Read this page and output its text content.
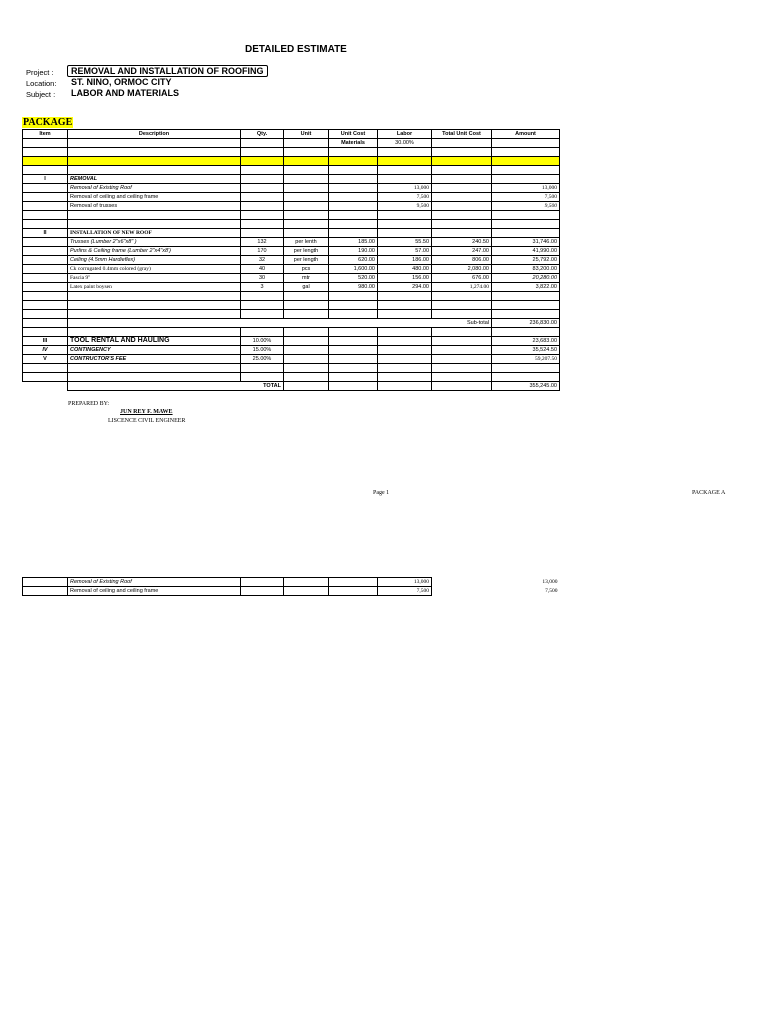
DETAILED ESTIMATE
Project :	REMOVAL AND INSTALLATION OF ROOFING
Location: ST. NINO, ORMOC CITY
Subject : LABOR AND MATERIALS
PACKAGE
Item	Description	Qty.	Unit	Unit Cost	Labor	Total Unit Cost	Amount
				Materials	30.00%		

I	REMOVAL						
	Removal of Existing Roof				13,000		13,000
	Removal of ceiling and ceiling frame				7,500		7,500
	Removal of trusses				9,500		9,500

II	INSTALLATION OF NEW ROOF						
	Trusses (Lumber 2"x6"x8" )	132	per lenth	185.00	55.50	240.50	31,746.00
	Purlins & Ceiling frame (Lumber 2"x4"x8')	170	per length	190.00	57.00	247.00	41,990.00
	Ceiling (4.5mm Hardieflex)	32	per length	620.00	186.00	806.00	25,792.00
	Ck corrugated 0.4mm colored (gray)	40	pcs	1,600.00	480.00	2,080.00	83,200.00
	Fascia 9"	30	mtr	520.00	156.00	676.00	20,280.00
	Latex paint boysen	3	gal	980.00	294.00	1,274.00	3,822.00

	Sub-total						236,830.00

III	TOOL RENTAL AND HAULING	10.00%					23,683.00
IV	CONTINGENCY	15.00%					35,524.50
V	CONTRUCTOR'S FEE	25.00%					59,207.50

	TOTAL						355,245.00
PREPARED BY:
JUN REY F. MAWE
LISCENCE CIVIL ENGINEER
Page 1	PACKAGE A
	Removal of Existing Roof				13,000		13,000
	Removal of ceiling and ceiling frame				7,500		7,500
